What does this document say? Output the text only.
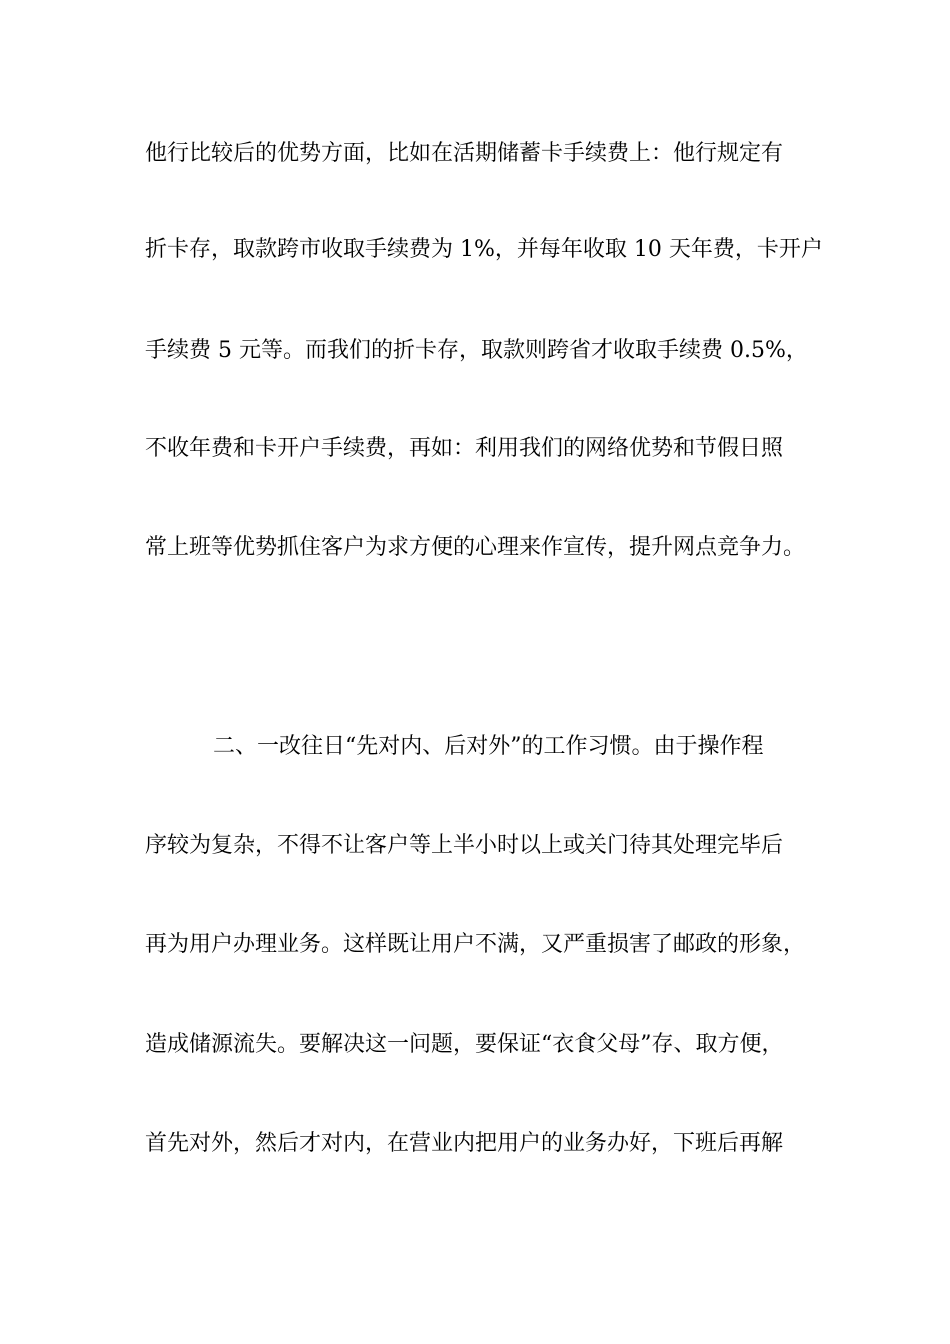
他行比较后的优势方面，比如在活期储蓄卡手续费上：他行规定有
折卡存，取款跨市收取手续费为 1%，并每年收取 10 天年费，卡开户
手续费 5 元等。而我们的折卡存，取款则跨省才收取手续费 0.5%，
不收年费和卡开户手续费，再如：利用我们的网络优势和节假日照
常上班等优势抓住客户为求方便的心理来作宣传，提升网点竞争力。
二、一改往日“先对内、后对外”的工作习惯。由于操作程
序较为复杂，不得不让客户等上半小时以上或关门待其处理完毕后
再为用户办理业务。这样既让用户不满，又严重损害了邮政的形象，
造成储源流失。要解决这一问题，要保证“衣食父母”存、取方便，
首先对外，然后才对内，在营业内把用户的业务办好，下班后再解
